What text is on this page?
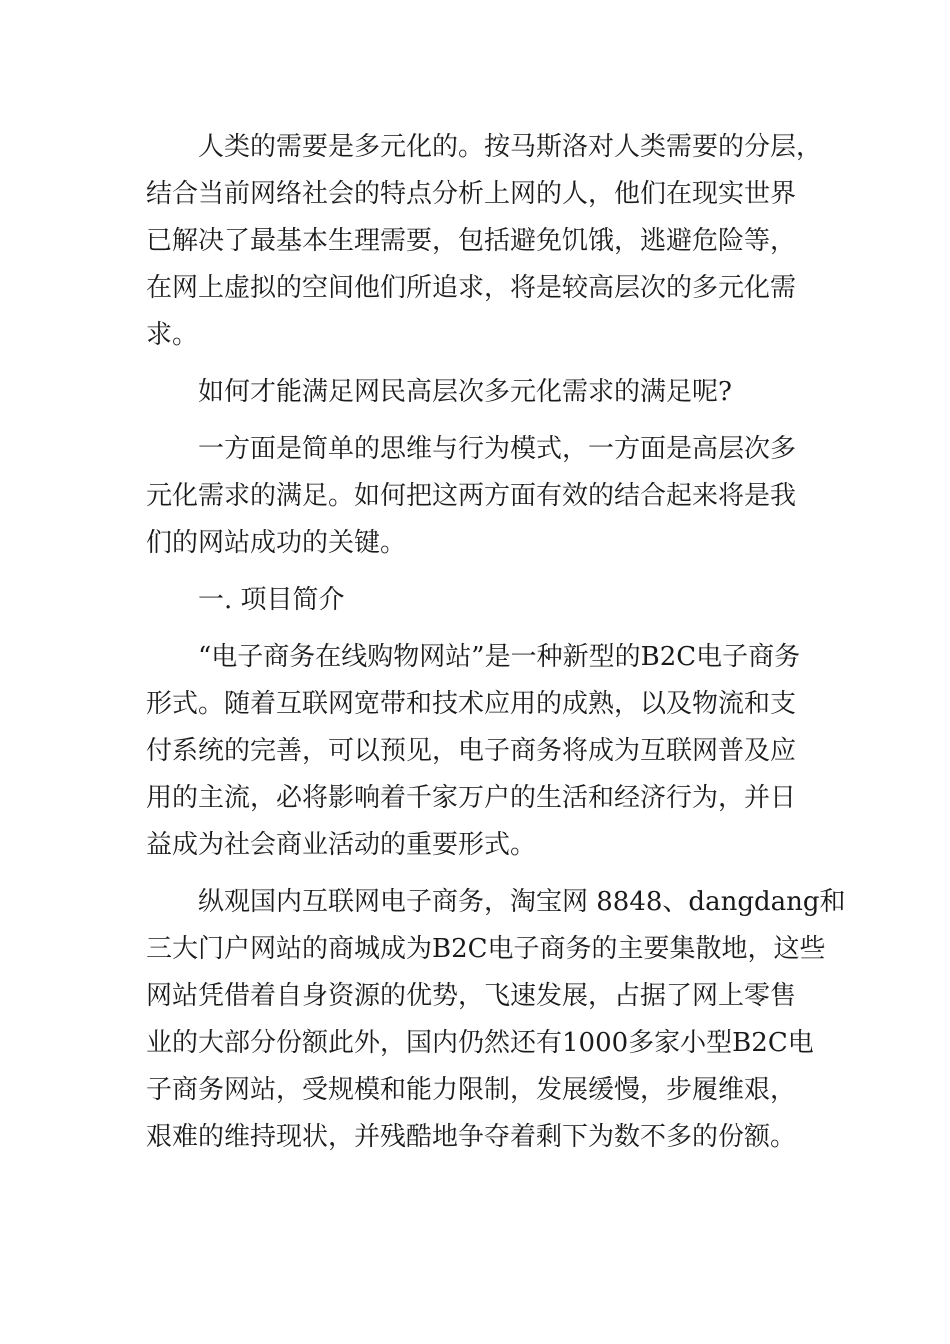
人类的需要是多元化的。按马斯洛对人类需要的分层，
结合当前网络社会的特点分析上网的人，他们在现实世界
已解决了最基本生理需要，包括避免饥饿，逃避危险等，
在网上虚拟的空间他们所追求，将是较高层次的多元化需
求。
如何才能满足网民高层次多元化需求的满足呢?
一方面是简单的思维与行为模式，一方面是高层次多
元化需求的满足。如何把这两方面有效的结合起来将是我
们的网站成功的关键。
一. 项目简介
“电子商务在线购物网站”是一种新型的B2C电子商务
形式。随着互联网宽带和技术应用的成熟，以及物流和支
付系统的完善，可以预见，电子商务将成为互联网普及应
用的主流，必将影响着千家万户的生活和经济行为，并日
益成为社会商业活动的重要形式。
纵观国内互联网电子商务，淘宝网 8848、dangdang和
三大门户网站的商城成为B2C电子商务的主要集散地，这些
网站凭借着自身资源的优势，飞速发展，占据了网上零售
业的大部分份额此外，国内仍然还有1000多家小型B2C电
子商务网站，受规模和能力限制，发展缓慢，步履维艰，
艰难的维持现状，并残酷地争夺着剩下为数不多的份额。
